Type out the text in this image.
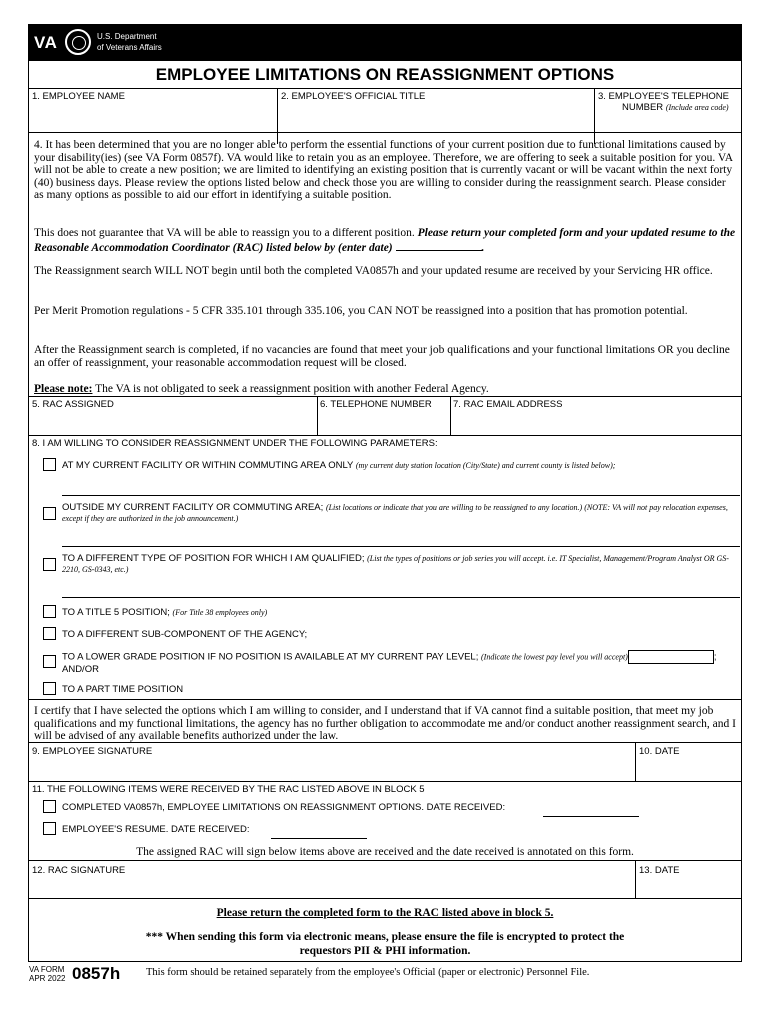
VA	U.S. Department
of Veterans Affairs
EMPLOYEE LIMITATIONS ON REASSIGNMENT OPTIONS
1. EMPLOYEE NAME	2. EMPLOYEE'S OFFICIAL TITLE	3. EMPLOYEE'S TELEPHONE
NUMBER (Include area code)
4. It has been determined that you are no longer able to perform the essential functions of your current position due to functional limitations caused by your disability(ies) (see VA Form 0857f). VA would like to retain you as an employee. Therefore, we are offering to seek a suitable position for you. VA will not be able to create a new position; we are limited to identifying an existing position that is currently vacant or will be vacant within the next forty (40) business days. Please review the options listed below and check those you are willing to consider during the reassignment search. Please consider as many options as possible to aid our effort in identifying a suitable position.
This does not guarantee that VA will be able to reassign you to a different position. Please return your completed form and your updated resume to the Reasonable Accommodation Coordinator (RAC) listed below by (enter date)	.
The Reassignment search WILL NOT begin until both the completed VA0857h and your updated resume are received by your Servicing HR office.
Per Merit Promotion regulations - 5 CFR 335.101 through 335.106, you CAN NOT be reassigned into a position that has promotion potential.
After the Reassignment search is completed, if no vacancies are found that meet your job qualifications and your functional limitations OR you decline an offer of reassignment, your reasonable accommodation request will be closed.
Please note: The VA is not obligated to seek a reassignment position with another Federal Agency.
5. RAC ASSIGNED	6. TELEPHONE NUMBER 7. RAC EMAIL ADDRESS
8. I AM WILLING TO CONSIDER REASSIGNMENT UNDER THE FOLLOWING PARAMETERS:
AT MY CURRENT FACILITY OR WITHIN COMMUTING AREA ONLY (my current duty station location (City/State) and current county is listed below);
OUTSIDE MY CURRENT FACILITY OR COMMUTING AREA; (List locations or indicate that you are willing to be reassigned to any location.) (NOTE: VA will not pay relocation expenses, except if they are authorized in the job announcement.)
TO A DIFFERENT TYPE OF POSITION FOR WHICH I AM QUALIFIED; (List the types of positions or job series you will accept. i.e. IT Specialist, Management/Program Analyst OR GS-2210, GS-0343, etc.)
TO A TITLE 5 POSITION; (For Title 38 employees only)
TO A DIFFERENT SUB-COMPONENT OF THE AGENCY;
TO A LOWER GRADE POSITION IF NO POSITION IS AVAILABLE AT MY CURRENT PAY LEVEL; (Indicate the lowest pay level you will accept)	; AND/OR
TO A PART TIME POSITION
I certify that I have selected the options which I am willing to consider, and I understand that if VA cannot find a suitable position, that meet my job qualifications and my functional limitations, the agency has no further obligation to accommodate me and/or conduct another reassignment search, and I will be advised of any available benefits authorized under the law.
9. EMPLOYEE SIGNATURE	10. DATE
11. THE FOLLOWING ITEMS WERE RECEIVED BY THE RAC LISTED ABOVE IN BLOCK 5
COMPLETED VA0857h, EMPLOYEE LIMITATIONS ON REASSIGNMENT OPTIONS. DATE RECEIVED:
EMPLOYEE'S RESUME. DATE RECEIVED:
The assigned RAC will sign below items above are received and the date received is annotated on this form.
12. RAC SIGNATURE	13. DATE
Please return the completed form to the RAC listed above in block 5.
*** When sending this form via electronic means, please ensure the file is encrypted to protect the
requestors PII & PHI information.
VA FORM
APR 2022 0857h This form should be retained separately from the employee's Official (paper or electronic) Personnel File.
